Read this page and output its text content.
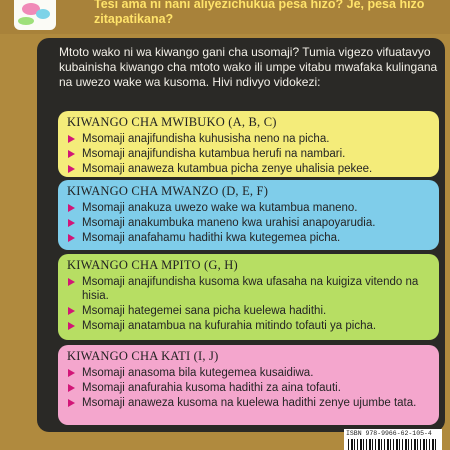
Tesi ama ni nani aliyezichukua pesa hizo? Je, pesa hizo zitapatikana?

Mtoto wako ni wa kiwango gani cha usomaji? Tumia vigezo vifuatavyo kubainisha kiwango cha mtoto wako ili umpe vitabu mwafaka kulingana na uwezo wake wa kusoma. Hivi ndivyo vidokezi:

KIWANGO CHA MWIBUKO (A, B, C)
Msomaji anajifundisha kuhusisha neno na picha.
Msomaji anajifundisha kutambua herufi na nambari.
Msomaji anaweza kutambua picha zenye uhalisia pekee.
KIWANGO CHA MWANZO (D, E, F)
Msomaji anakuza uwezo wake wa kutambua maneno.
Msomaji anakumbuka maneno kwa urahisi anapoyarudia.
Msomaji anafahamu hadithi kwa kutegemea picha.
KIWANGO CHA MPITO (G, H)
Msomaji anajifundisha kusoma kwa ufasaha na kuigiza vitendo na hisia.
Msomaji hategemei sana picha kuelewa hadithi.
Msomaji anatambua na kufurahia mitindo tofauti ya picha.
KIWANGO CHA KATI (I, J)
Msomaji anasoma bila kutegemea kusaidiwa.
Msomaji anafurahia kusoma hadithi za aina tofauti.
Msomaji anaweza kusoma na kuelewa hadithi zenye ujumbe tata.
ISBN 978-9966-62-105-4
